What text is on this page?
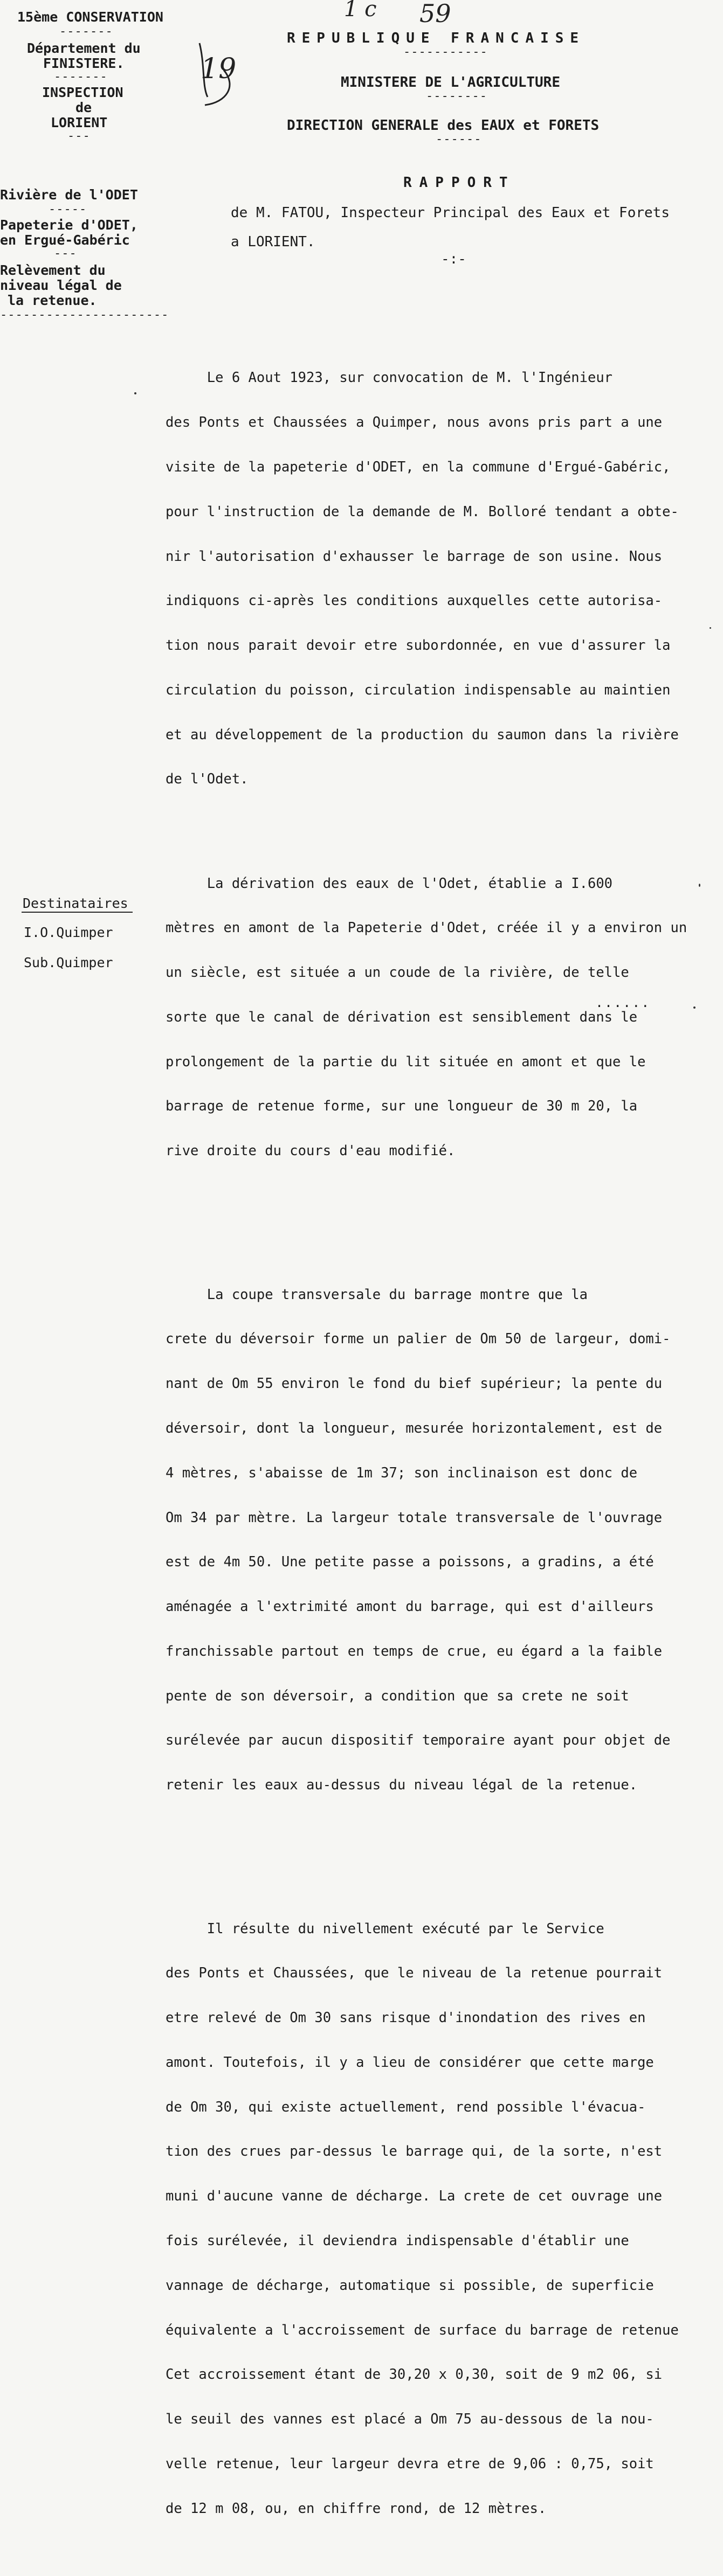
1 c 59
19
15ème CONSERVATION
-------
Département du
FINISTERE.
-------
INSPECTION
de
LORIENT
---
Rivière de l'ODET
-----
Papeterie d'ODET,
en Ergué-Gabéric
---
Relèvement du
niveau légal de
la retenue.
----------------------
Destinataires
I.O.Quimper
Sub.Quimper
REPUBLIQUE FRANCAISE
-----------
MINISTERE DE L'AGRICULTURE
--------
DIRECTION GENERALE des EAUX et FORETS
------
RAPPORT
de M. FATOU, Inspecteur Principal des Eaux et Forets
a LORIENT.
-:-

Le 6 Aout 1923, sur convocation de M. l'Ingénieur

des Ponts et Chaussées a Quimper, nous avons pris part a une

visite de la papeterie d'ODET, en la commune d'Ergué-Gabéric,

pour l'instruction de la demande de M. Bolloré tendant a obte-

nir l'autorisation d'exhausser le barrage de son usine. Nous

indiquons ci-après les conditions auxquelles cette autorisa-

tion nous parait devoir etre subordonnée, en vue d'assurer la

circulation du poisson, circulation indispensable au maintien

et au développement de la production du saumon dans la rivière

de l'Odet.

La dérivation des eaux de l'Odet, établie a I.600

mètres en amont de la Papeterie d'Odet, créée il y a environ un

un siècle, est située a un coude de la rivière, de telle

sorte que le canal de dérivation est sensiblement dans le

prolongement de la partie du lit située en amont et que le

barrage de retenue forme, sur une longueur de 30 m 20, la

rive droite du cours d'eau modifié.

La coupe transversale du barrage montre que la

crete du déversoir forme un palier de Om 50 de largeur, domi-

nant de Om 55 environ le fond du bief supérieur; la pente du

déversoir, dont la longueur, mesurée horizontalement, est de

4 mètres, s'abaisse de 1m 37; son inclinaison est donc de

Om 34 par mètre. La largeur totale transversale de l'ouvrage

est de 4m 50. Une petite passe a poissons, a gradins, a été

aménagée a l'extrimité amont du barrage, qui est d'ailleurs

franchissable partout en temps de crue, eu égard a la faible

pente de son déversoir, a condition que sa crete ne soit

surélevée par aucun dispositif temporaire ayant pour objet de

retenir les eaux au-dessus du niveau légal de la retenue.

Il résulte du nivellement exécuté par le Service

des Ponts et Chaussées, que le niveau de la retenue pourrait

etre relevé de Om 30 sans risque d'inondation des rives en

amont. Toutefois, il y a lieu de considérer que cette marge

de Om 30, qui existe actuellement, rend possible l'évacua-

tion des crues par-dessus le barrage qui, de la sorte, n'est

muni d'aucune vanne de décharge. La crete de cet ouvrage une

fois surélevée, il deviendra indispensable d'établir une

vannage de décharge, automatique si possible, de superficie

équivalente a l'accroissement de surface du barrage de retenue

Cet accroissement étant de 30,20 x 0,30, soit de 9 m2 06, si

le seuil des vannes est placé a Om 75 au-dessous de la nou-

velle retenue, leur largeur devra etre de 9,06 : 0,75, soit

de 12 m 08, ou, en chiffre rond, de 12 mètres.

......
